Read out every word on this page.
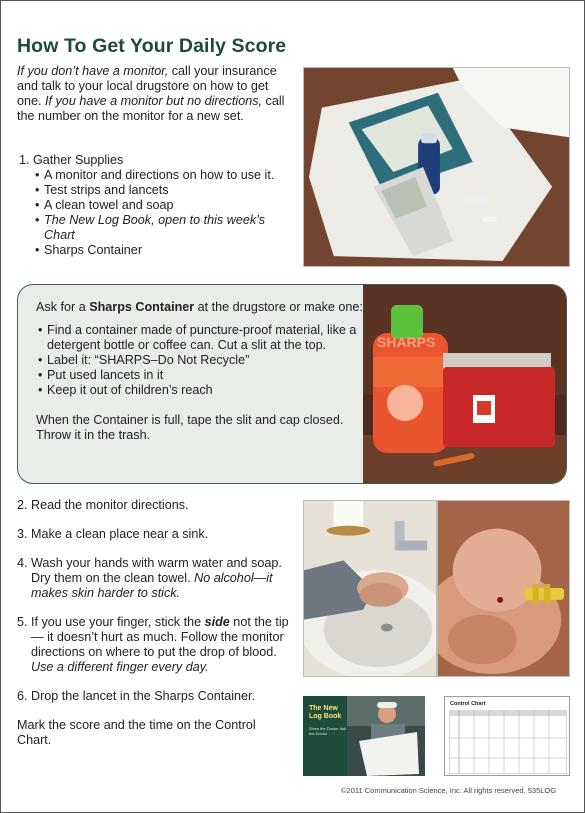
How To Get Your Daily Score

If you don’t have a monitor, call your insurance and talk to your local drugstore on how to get one. If you have a monitor but no directions, call the number on the monitor for a new set.

1. Gather Supplies

• A monitor and directions on how to use it.
• Test strips and lancets
• A clean towel and soap
• The New Log Book, open to this week’s Chart
• Sharps Container

Ask for a Sharps Container at the drugstore or make one:

• Find a container made of puncture-proof material, like a detergent bottle or coffee can. Cut a slit at the top.
• Label it: “SHARPS–Do Not Recycle”
• Put used lancets in it
• Keep it out of children’s reach

When the Container is full, tape the slit and cap closed. Throw it in the trash.

SHARPS

2. Read the monitor directions.

3. Make a clean place near a sink.

4. Wash your hands with warm water and soap. Dry them on the clean towel. No alcohol—it makes skin harder to stick.

5. If you use your finger, stick the side not the tip— it doesn’t hurt as much. Follow the monitor directions on where to put the drop of blood. Use a different finger every day.

6. Drop the lancet in the Sharps Container.

Mark the score and the time on the Control Chart.

The New Log Book
Show the Doctor Ask the Doctor
Control Chart
©2011 Communication Science, Inc. All rights reserved. 535LOG
